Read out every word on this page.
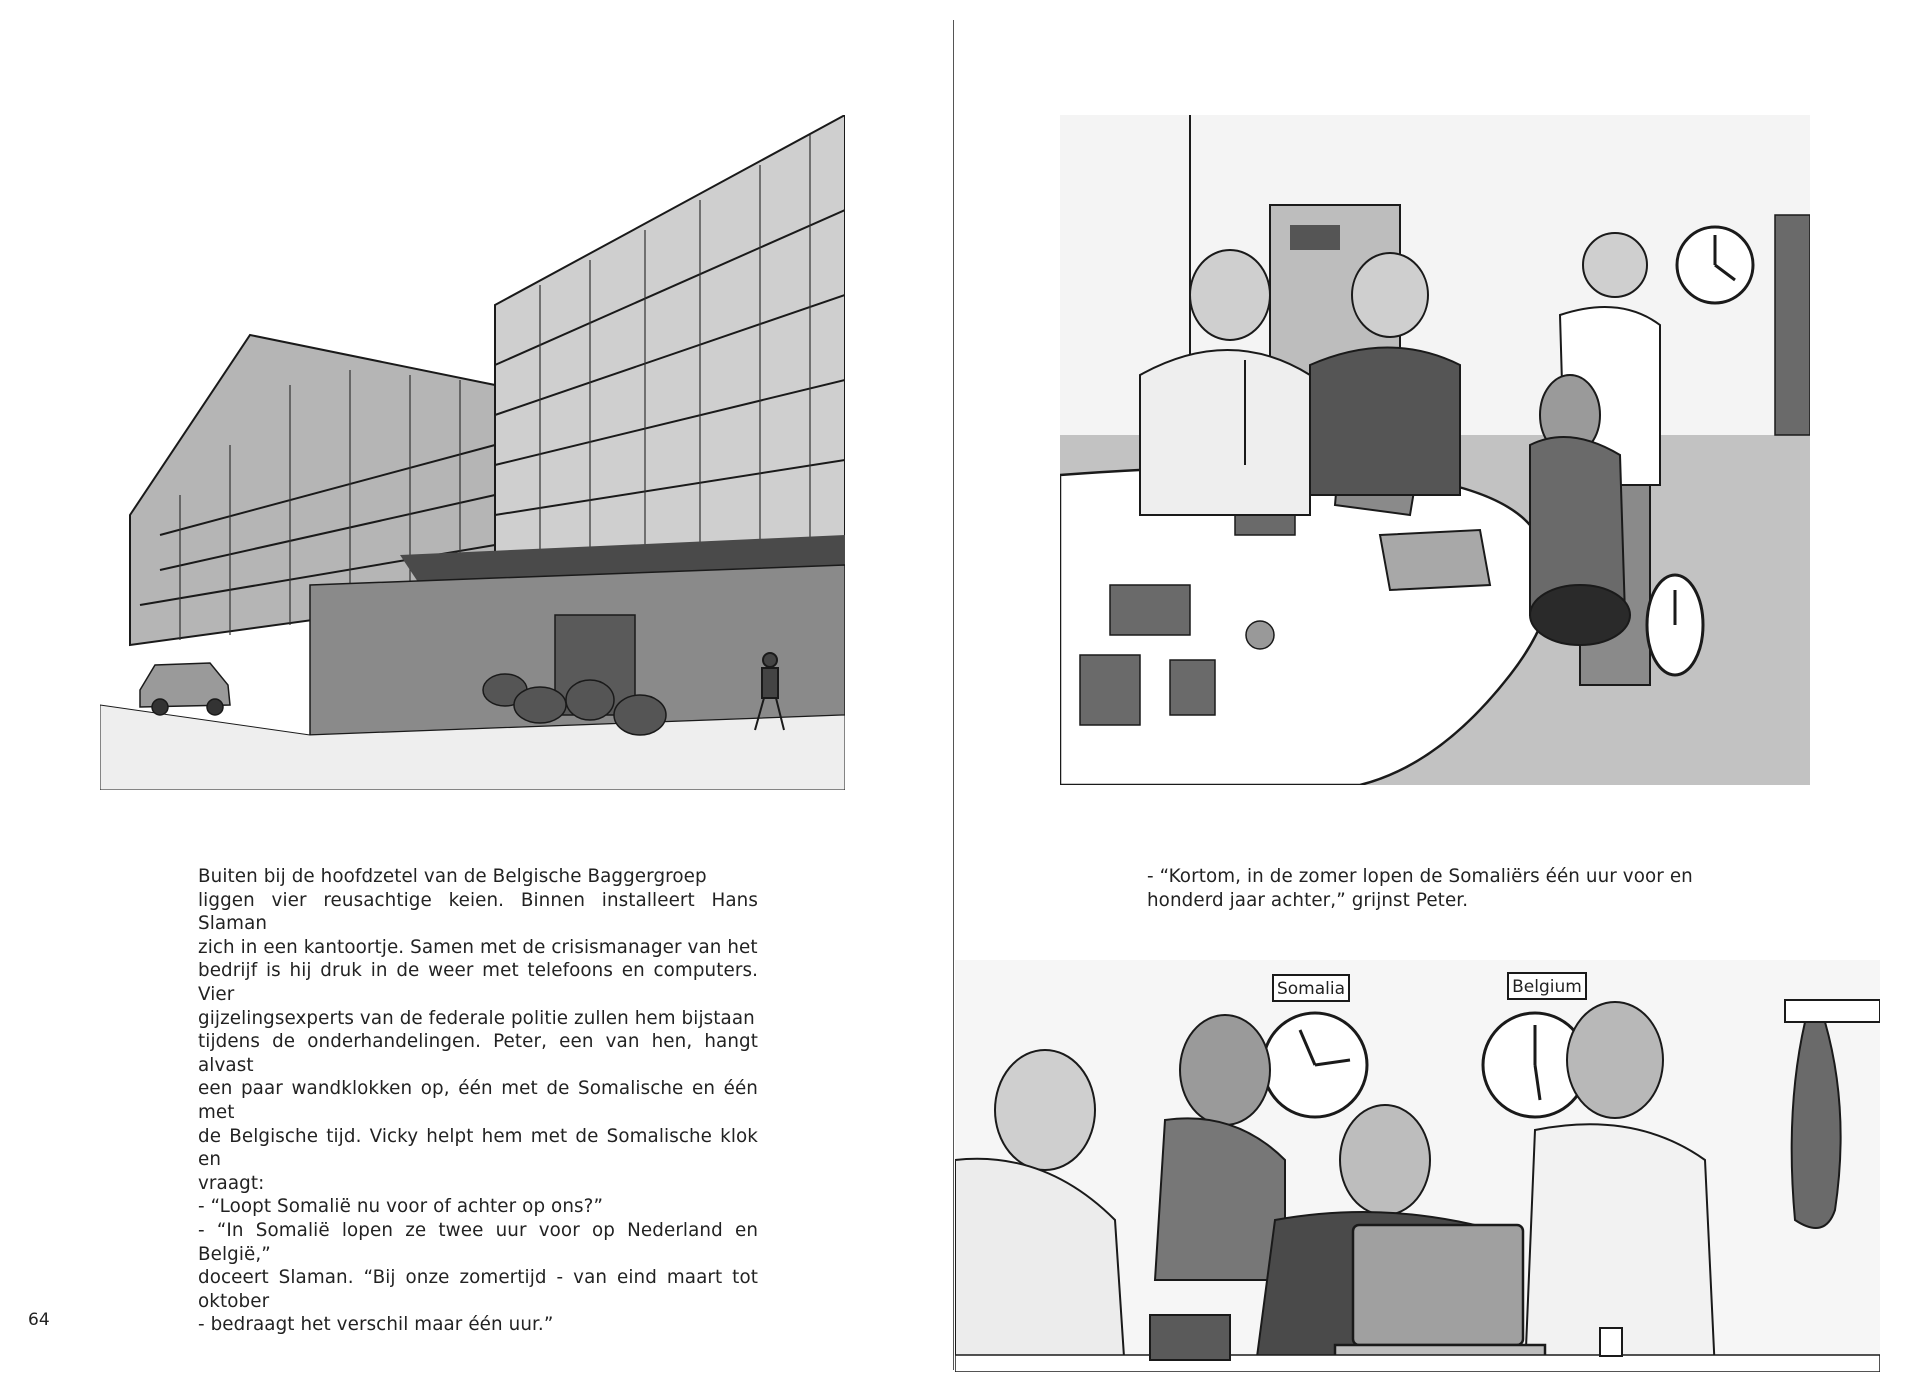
Buiten bij de hoofdzetel van de Belgische Baggergroep

liggen vier reusachtige keien. Binnen installeert Hans Slaman

zich in een kantoortje. Samen met de crisismanager van het

bedrijf is hij druk in de weer met telefoons en computers. Vier

gijzelingsexperts van de federale politie zullen hem bijstaan

tijdens de onderhandelingen. Peter, een van hen, hangt alvast

een paar wandklokken op, één met de Somalische en één met

de Belgische tijd. Vicky helpt hem met de Somalische klok en

vraagt:

- “Loopt Somalië nu voor of achter op ons?”

- “In Somalië lopen ze twee uur voor op Nederland en België,”

doceert Slaman. “Bij onze zomertijd - van eind maart tot oktober

- bedraagt het verschil maar één uur.”

64

- “Kortom, in de zomer lopen de Somaliërs één uur voor en

honderd jaar achter,” grijnst Peter.

Somalia	Belgium
